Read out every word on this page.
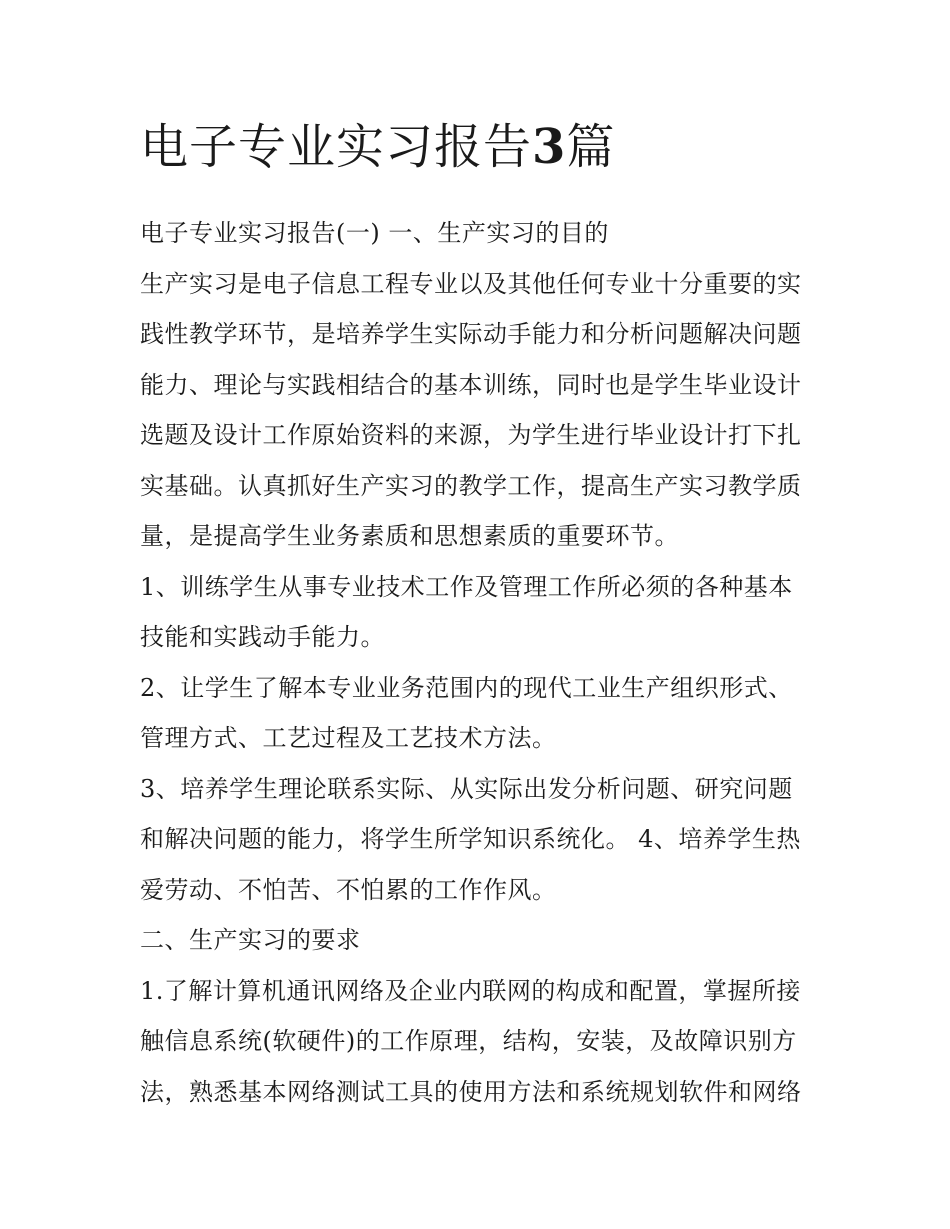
电子专业实习报告3篇
电子专业实习报告(一) 一、生产实习的目的
生产实习是电子信息工程专业以及其他任何专业十分重要的实
践性教学环节，是培养学生实际动手能力和分析问题解决问题
能力、理论与实践相结合的基本训练，同时也是学生毕业设计
选题及设计工作原始资料的来源，为学生进行毕业设计打下扎
实基础。认真抓好生产实习的教学工作，提高生产实习教学质
量，是提高学生业务素质和思想素质的重要环节。
1、训练学生从事专业技术工作及管理工作所必须的各种基本
技能和实践动手能力。
2、让学生了解本专业业务范围内的现代工业生产组织形式、
管理方式、工艺过程及工艺技术方法。
3、培养学生理论联系实际、从实际出发分析问题、研究问题
和解决问题的能力，将学生所学知识系统化。 4、培养学生热
爱劳动、不怕苦、不怕累的工作作风。
二、生产实习的要求
1.了解计算机通讯网络及企业内联网的构成和配置，掌握所接
触信息系统(软硬件)的工作原理，结构，安装，及故障识别方
法，熟悉基本网络测试工具的使用方法和系统规划软件和网络
